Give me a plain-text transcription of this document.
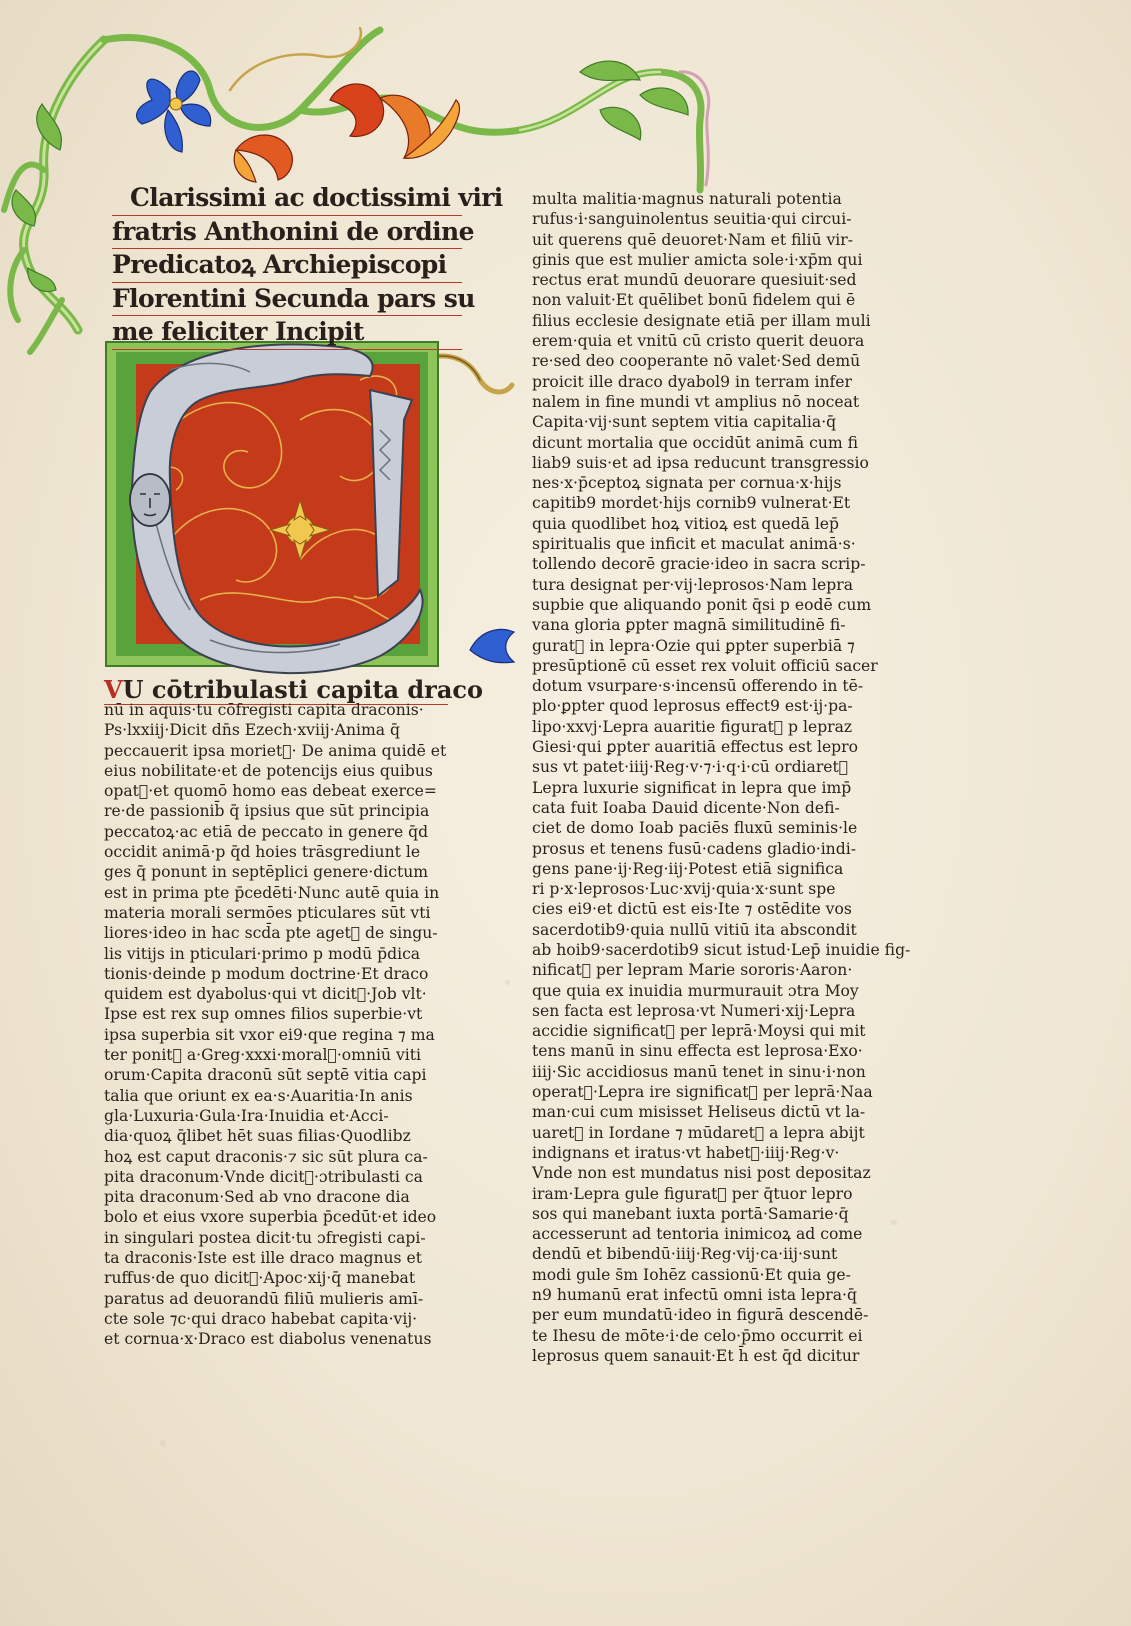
Clarissimi ac doctissimi viri
fratris Anthonini de ordine
Predicatoꝝ Archiepiscopi
Florentini Secunda pars su
me feliciter Incipit
VU cōtribulasti capita draco
nū in aquis·tu cōfregisti capita draconis·
Ps·lxxiij·Dicit dn̄s Ezech·xviij·Anima q̄
peccauerit ipsa morietᷣ· De anima quidē et
eius nobilitate·et de potencijs eius quibus
opatᷣ·et quomō homo eas debeat exerce=
re·de passionib̄ q̄ ipsius que sūt principia
peccatoꝝ·ac etiā de peccato in genere q̄d
occidit animā·p q̄d hoies trāsgrediunt le
ges q̄ ponunt in septēplici genere·dictum
est in prima pte p̄cedēti·Nunc autē quia in
materia morali sermōes pticulares sūt vti
liores·ideo in hac scd̄a pte agetᷣ de singu-
lis vitijs in pticulari·primo p modū p̄dica
tionis·deinde p modum doctrine·Et draco
quidem est dyabolus·qui vt dicitᷣ·Job vlt·
Ipse est rex sup omnes filios superbie·vt
ipsa superbia sit vxor ei9·que regina ⁊ ma
ter ponitᷣ a·Greg·xxxi·moralᷣ·omniū viti
orum·Capita draconū sūt septē vitia capi
talia que oriunt ex ea·s·Auaritia·In anis
gla·Luxuria·Gula·Ira·Inuidia et·Acci-
dia·quoꝝ q̄libet hēt suas filias·Quodlibz
hoꝝ est caput draconis·⁊ sic sūt plura ca-
pita draconum·Vnde dicitᷣ·ɔtribulasti ca
pita draconum·Sed ab vno dracone dia
bolo et eius vxore superbia p̄cedūt·et ideo
in singulari postea dicit·tu ɔfregisti capi-
ta draconis·Iste est ille draco magnus et
ruffus·de quo dicitᷣ·Apoc·xij·q̄ manebat
paratus ad deuorandū filiū mulieris amī-
cte sole ⁊c·qui draco habebat capita·vij·
et cornua·x·Draco est diabolus venenatus
multa malitia·magnus naturali potentia
rufus·i·sanguinolentus seuitia·qui circui-
uit querens quē deuoret·Nam et filiū vir-
ginis que est mulier amicta sole·i·xp̄m qui
rectus erat mundū deuorare quesiuit·sed
non valuit·Et quēlibet bonū fidelem qui ē
filius ecclesie designate etiā per illam muli
erem·quia et vnitū cū cristo querit deuora
re·sed deo cooperante nō valet·Sed demū
proicit ille draco dyabol9 in terram infer
nalem in fine mundi vt amplius nō noceat
Capita·vij·sunt septem vitia capitalia·q̄
dicunt mortalia que occidūt animā cum fi
liab9 suis·et ad ipsa reducunt transgressio
nes·x·p̄ceptoꝝ signata per cornua·x·hijs
capitib9 mordet·hijs cornib9 vulnerat·Et
quia quodlibet hoꝝ vitioꝝ est quedā lep̄
spiritualis que inficit et maculat animā·s·
tollendo decorē gracie·ideo in sacra scrip-
tura designat per·vij·leprosos·Nam lepra
supbie que aliquando ponit q̄si p eodē cum
vana gloria ꝑpter magnā similitudinē fi-
guratᷣ in lepra·Ozie qui ꝑpter superbiā ⁊
presūptionē cū esset rex voluit officiū sacer
dotum vsurpare·s·incensū offerendo in tē-
plo·ꝑpter quod leprosus effect9 est·ij·pa-
lipo·xxvj·Lepra auaritie figuratᷣ p lepraz
Giesi·qui ꝑpter auaritiā effectus est lepro
sus vt patet·iiij·Reg·v·⁊·i·q·i·cū ordiaretᷣ
Lepra luxurie significat in lepra que imp̄
cata fuit Ioaba Dauid dicente·Non defi-
ciet de domo Ioab paciēs fluxū seminis·le
prosus et tenens fusū·cadens gladio·indi-
gens pane·ij·Reg·iij·Potest etiā significa
ri p·x·leprosos·Luc·xvij·quia·x·sunt spe
cies ei9·et dictū est eis·Ite ⁊ ostēdite vos
sacerdotib9·quia nullū vitiū ita abscondit
ab hoib9·sacerdotib9 sicut istud·Lep̄ inuidie fig-
nificatᷣ per lepram Marie sororis·Aaron·
que quia ex inuidia murmurauit ɔtra Moy
sen facta est leprosa·vt Numeri·xij·Lepra
accidie significatᷣ per leprā·Moysi qui mit
tens manū in sinu effecta est leprosa·Exo·
iiij·Sic accidiosus manū tenet in sinu·i·non
operatᷣ·Lepra ire significatᷣ per leprā·Naa
man·cui cum misisset Heliseus dictū vt la-
uaretᷣ in Iordane ⁊ mūdaretᷣ a lepra abijt
indignans et iratus·vt habetᷣ·iiij·Reg·v·
Vnde non est mundatus nisi post depositaz
iram·Lepra gule figuratᷣ per q̄tuor lepro
sos qui manebant iuxta portā·Samarie·q̄
accesserunt ad tentoria inimicoꝝ ad come
dendū et bibendū·iiij·Reg·vij·ca·iij·sunt
modi gule s̄m Iohēz cassionū·Et quia ge-
n9 humanū erat infectū omni ista lepra·q̄
per eum mundatū·ideo in figurā descendē-
te Ihesu de mōte·i·de celo·p̄mo occurrit ei
leprosus quem sanauit·Et h̄ est q̄d dicitur
